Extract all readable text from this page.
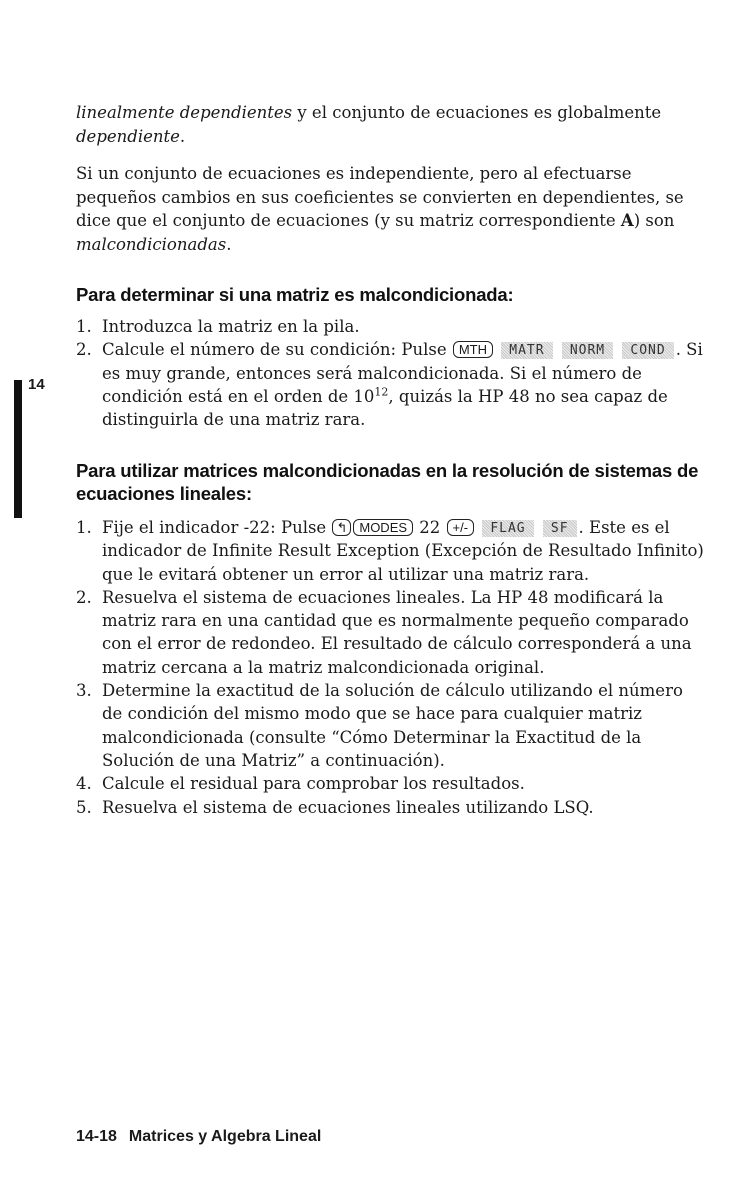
linealmente dependientes y el conjunto de ecuaciones es globalmente dependiente.

Si un conjunto de ecuaciones es independiente, pero al efectuarse pequeños cambios en sus coeficientes se convierten en dependientes, se dice que el conjunto de ecuaciones (y su matriz correspondiente A) son malcondicionadas.

Para determinar si una matriz es malcondicionada:
1. Introduzca la matriz en la pila.
2. Calcule el número de su condición: Pulse MTH MATR NORM COND . Si es muy grande, entonces será malcondicionada. Si el número de condición está en el orden de $10^{12}$, quizás la HP 48 no sea capaz de distinguirla de una matriz rara.
Para utilizar matrices malcondicionadas en la resolución de sistemas de ecuaciones lineales:
1. Fije el indicador -22: Pulse ↰ MODES 22 +/- FLAG SF . Este es el indicador de Infinite Result Exception (Excepción de Resultado Infinito) que le evitará obtener un error al utilizar una matriz rara.
2. Resuelva el sistema de ecuaciones lineales. La HP 48 modificará la matriz rara en una cantidad que es normalmente pequeño comparado con el error de redondeo. El resultado de cálculo corresponderá a una matriz cercana a la matriz malcondicionada original.
3. Determine la exactitud de la solución de cálculo utilizando el número de condición del mismo modo que se hace para cualquier matriz malcondicionada (consulte “Cómo Determinar la Exactitud de la Solución de una Matriz” a continuación).
4. Calcule el residual para comprobar los resultados.
5. Resuelva el sistema de ecuaciones lineales utilizando LSQ.
14
14-18 Matrices y Algebra Lineal
